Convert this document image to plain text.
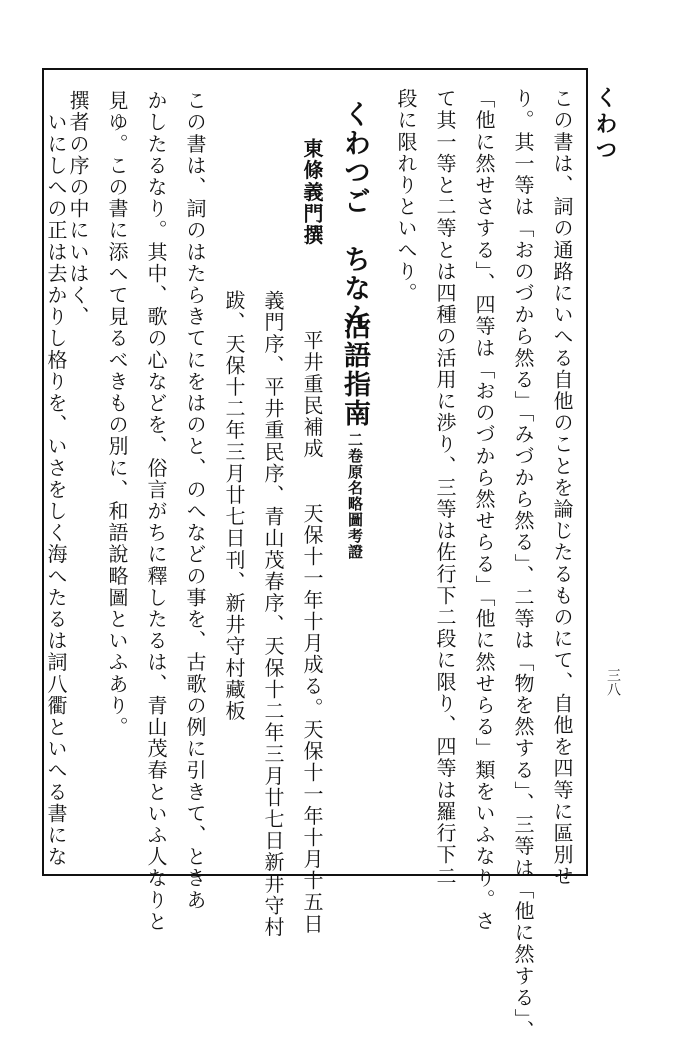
くわつ
三八
この書は、詞の通路にいへる自他のことを論じたるものにて、自他を四等に區別せ
り。其一等は「おのづから然る」「みづから然る」、二等は「物を然する」、三等は「他に然する」、
「他に然せさする」、四等は「おのづから然せらる」「他に然せらる」類をいふなり。さ
て其一等と二等とは四種の活用に渉り、三等は佐行下二段に限り、四等は羅行下二
段に限れりといへり。
くわつご　ちなん
活語指南
二卷原名略圖考證
東條義門撰
平井重民補成　　天保十一年十月成る。天保十一年十月十五日
義門序、平井重民序、青山茂春序、天保十二年三月廿七日新井守村
跋、天保十二年三月廿七日刊、新井守村藏板
この書は、詞のはたらきてにをはのと、のへなどの事を、古歌の例に引きて、ときあ
かしたるなり。其中、歌の心などを、俗言がちに釋したるは、青山茂春といふ人なりと
見ゆ。この書に添へて見るべきもの別に、和語說略圖といふあり。
撰者の序の中にいはく、
　いにしへの正は去かりし格りを、いさをしく海へたるは詞八衢といへる書にな
